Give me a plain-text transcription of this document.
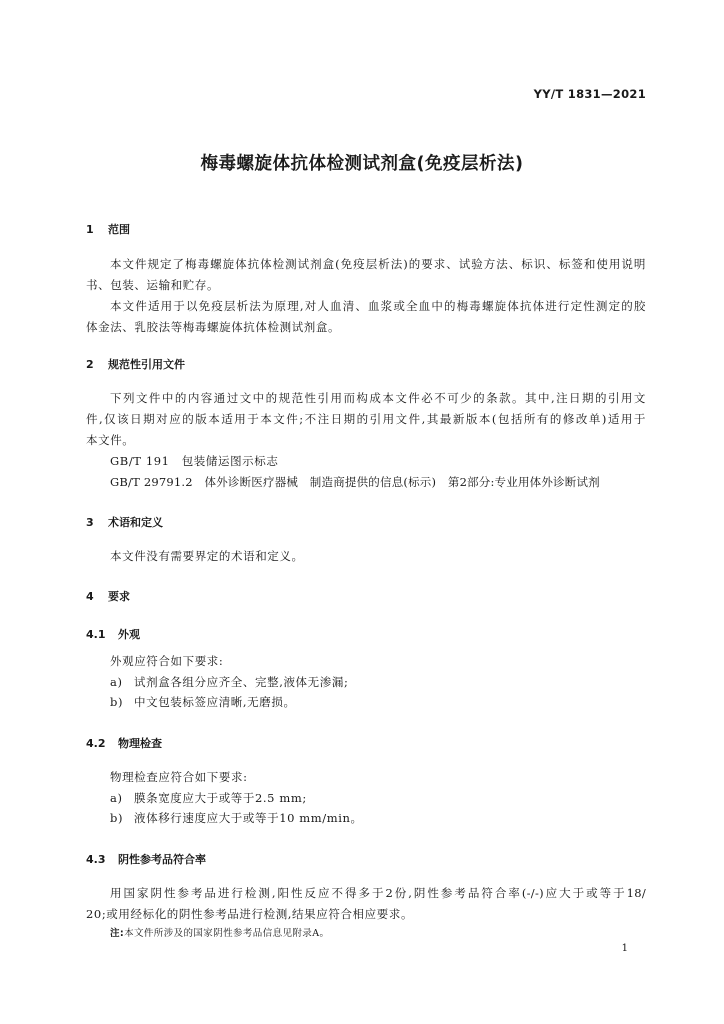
YY/T 1831—2021
梅毒螺旋体抗体检测试剂盒(免疫层析法)
1 范围
本文件规定了梅毒螺旋体抗体检测试剂盒(免疫层析法)的要求、试验方法、标识、标签和使用说明
书、包装、运输和贮存。
本文件适用于以免疫层析法为原理,对人血清、血浆或全血中的梅毒螺旋体抗体进行定性测定的胶
体金法、乳胶法等梅毒螺旋体抗体检测试剂盒。
2 规范性引用文件
下列文件中的内容通过文中的规范性引用而构成本文件必不可少的条款。其中,注日期的引用文
件,仅该日期对应的版本适用于本文件;不注日期的引用文件,其最新版本(包括所有的修改单)适用于
本文件。
GB/T 191　包装储运图示标志
GB/T 29791.2　体外诊断医疗器械　制造商提供的信息(标示)　第2部分:专业用体外诊断试剂
3 术语和定义
本文件没有需要界定的术语和定义。
4 要求
4.1 外观
外观应符合如下要求:
a) 试剂盒各组分应齐全、完整,液体无渗漏;
b) 中文包装标签应清晰,无磨损。
4.2 物理检查
物理检查应符合如下要求:
a) 膜条宽度应大于或等于2.5 mm;
b) 液体移行速度应大于或等于10 mm/min。
4.3 阴性参考品符合率
用国家阴性参考品进行检测,阳性反应不得多于2份,阴性参考品符合率(-/-)应大于或等于18/
20;或用经标化的阴性参考品进行检测,结果应符合相应要求。
注:本文件所涉及的国家阴性参考品信息见附录A。
1
